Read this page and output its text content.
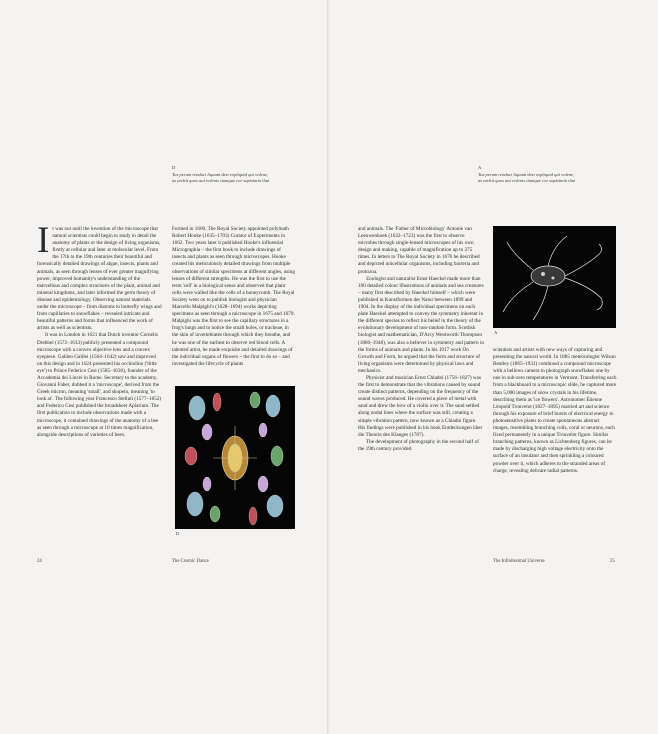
D
Tus perum renduci liquam dest expliquid qui volene, as archit quos aut volenis tiumque cor sapisimin ihui

It was not until the invention of the microscope that natural scientists could begin to study in detail the anatomy of plants or the design of living organisms, firstly at cellular and later at molecular level. From the 17th to the 19th centuries their beautiful and forensically detailed drawings of algae, insects, plants and animals, as seen through lenses of ever greater magnifying power, improved humanity's understanding of the marvellous and complex structures of the plant, animal and mineral kingdoms, and later informed the germ theory of disease and epidemiology. Observing natural materials under the microscope – from diatoms to butterfly wings and from capillaries to snowflakes – revealed intricate and beautiful patterns and forms that influenced the work of artists as well as scientists.

It was in London in 1621 that Dutch inventor Cornelis Drebbel (1572–1633) publicly presented a compound microscope with a convex objective lens and a convex eyepiece. Galileo Galilei (1564–1642) saw and improved on this design and in 1624 presented his occhiolino ('little eye') to Prince Federico Cesi (1585–1630), founder of the Accademia dei Lincei in Rome. Secretary to the academy, Giovanni Faber, dubbed it a 'microscope', derived from the Greek micron, meaning 'small', and skopein, meaning 'to look at'. The following year Francesco Stelluti (1577–1652) and Federico Cesi published the broadsheet Apiarium. The first publication to include observations made with a microscope, it contained drawings of the anatomy of a bee as seen through a microscope at 10 times magnification, alongside descriptions of varieties of bees.

Formed in 1660, The Royal Society appointed polymath Robert Hooke (1635–1703) Curator of Experiments in 1662. Two years later it published Hooke's influential Micrographia – the first book to include drawings of insects and plants as seen through microscopes. Hooke created his meticulously detailed drawings from multiple observations of similar specimens at different angles, using lenses of different strengths. He was the first to use the term 'cell' in a biological sense and observed that plant cells were walled like the cells of a honeycomb. The Royal Society went on to publish biologist and physician Marcello Malpighi's (1628–1694) works depicting specimens as seen through a microscope in 1675 and 1679. Malpighi was the first to see the capillary structures in a frog's lungs and to notice the small holes, or tracheae, in the skin of invertebrates through which they breathe, and he was one of the earliest to observe red blood cells. A talented artist, he made exquisite and detailed drawings of the individual organs of flowers – the first to do so – and investigated the lifecycle of plants

D
24	The Cosmic Dance
A
Tus perum renduci liquam dest expliquid qui volene, as archit quos aut volenis tiumque cor sapisimin ihui

and animals. The 'Father of Microbiology' Antonie van Leeuwenhoek (1632–1723) was the first to observe microbes through single-lensed microscopes of his own design and making, capable of magnification up to 275 times. In letters to The Royal Society in 1676 he described and depicted unicellular organisms, including bacteria and protozoa.

Zoologist and naturalist Ernst Haeckel made more than 100 detailed colour illustrations of animals and sea creatures – many first described by Haeckel himself – which were published in Kunstformen der Natur between 1899 and 1904. In the display of the individual specimens on each plate Haeckel attempted to convey the symmetry inherent in the different species to reflect his belief in the theory of the evolutionary development of non-random form. Scottish biologist and mathematician, D'Arcy Wentworth Thompson (1860–1948), was also a believer in symmetry and pattern in the forms of animals and plants. In his 1917 work On Growth and Form, he argued that the form and structure of living organisms were determined by physical laws and mechanics.

Physicist and musician Ernst Chladni (1756–1827) was the first to demonstrate that the vibrations caused by sound create distinct patterns, depending on the frequency of the sound waves produced. He covered a piece of metal with sand and drew the bow of a violin over it. The sand settled along nodal lines where the surface was still, creating a simple vibration pattern, now known as a Chladni figure. His findings were published in his book Entdeckungen über die Theorie des Klanges (1787).

The development of photography in the second half of the 19th century provided

A

scientists and artists with new ways of capturing and presenting the natural world. In 1885 meteorologist Wilson Bentley (1865–1931) combined a compound microscope with a bellows camera to photograph snowflakes one by one in sub-zero temperatures in Vermont. Transferring each from a blackboard to a microscopic slide, he captured more than 5,000 images of snow crystals in his lifetime, describing them as 'ice flowers'. Astronomer Étienne Léopold Trouvelot (1827–1895) married art and science through his exposure of brief bursts of electrical energy to photosensitive plates to create spontaneous abstract images, resembling branching coils, coral or neurons, each fixed permanently in a unique Trouvelot figure. Similar branching patterns, known as Lichtenberg figures, can be made by discharging high voltage electricity onto the surface of an insulator and then sprinkling a coloured powder over it, which adheres to the stranded areas of charge, revealing delicate radial patterns.

The Infinitesimal Universe	25
